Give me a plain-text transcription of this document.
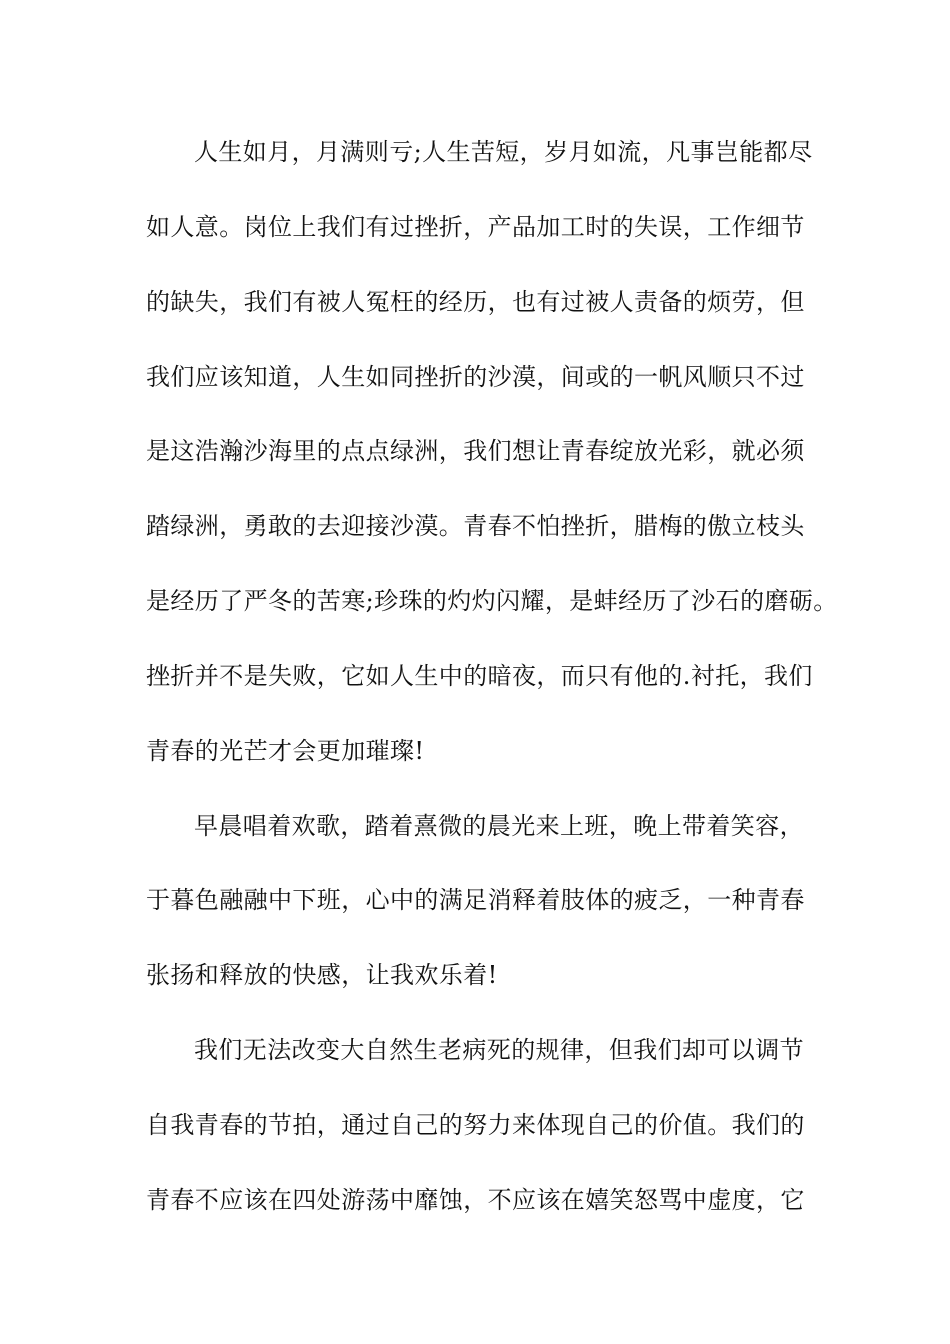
人生如月，月满则亏;人生苦短，岁月如流，凡事岂能都尽
如人意。岗位上我们有过挫折，产品加工时的失误，工作细节
的缺失，我们有被人冤枉的经历，也有过被人责备的烦劳，但
我们应该知道，人生如同挫折的沙漠，间或的一帆风顺只不过
是这浩瀚沙海里的点点绿洲，我们想让青春绽放光彩，就必须
踏绿洲，勇敢的去迎接沙漠。青春不怕挫折，腊梅的傲立枝头
是经历了严冬的苦寒;珍珠的灼灼闪耀，是蚌经历了沙石的磨砺。
挫折并不是失败，它如人生中的暗夜，而只有他的.衬托，我们
青春的光芒才会更加璀璨!
早晨唱着欢歌，踏着熹微的晨光来上班，晚上带着笑容，
于暮色融融中下班，心中的满足消释着肢体的疲乏，一种青春
张扬和释放的快感，让我欢乐着!
我们无法改变大自然生老病死的规律，但我们却可以调节
自我青春的节拍，通过自己的努力来体现自己的价值。我们的
青春不应该在四处游荡中靡蚀，不应该在嬉笑怒骂中虚度，它
